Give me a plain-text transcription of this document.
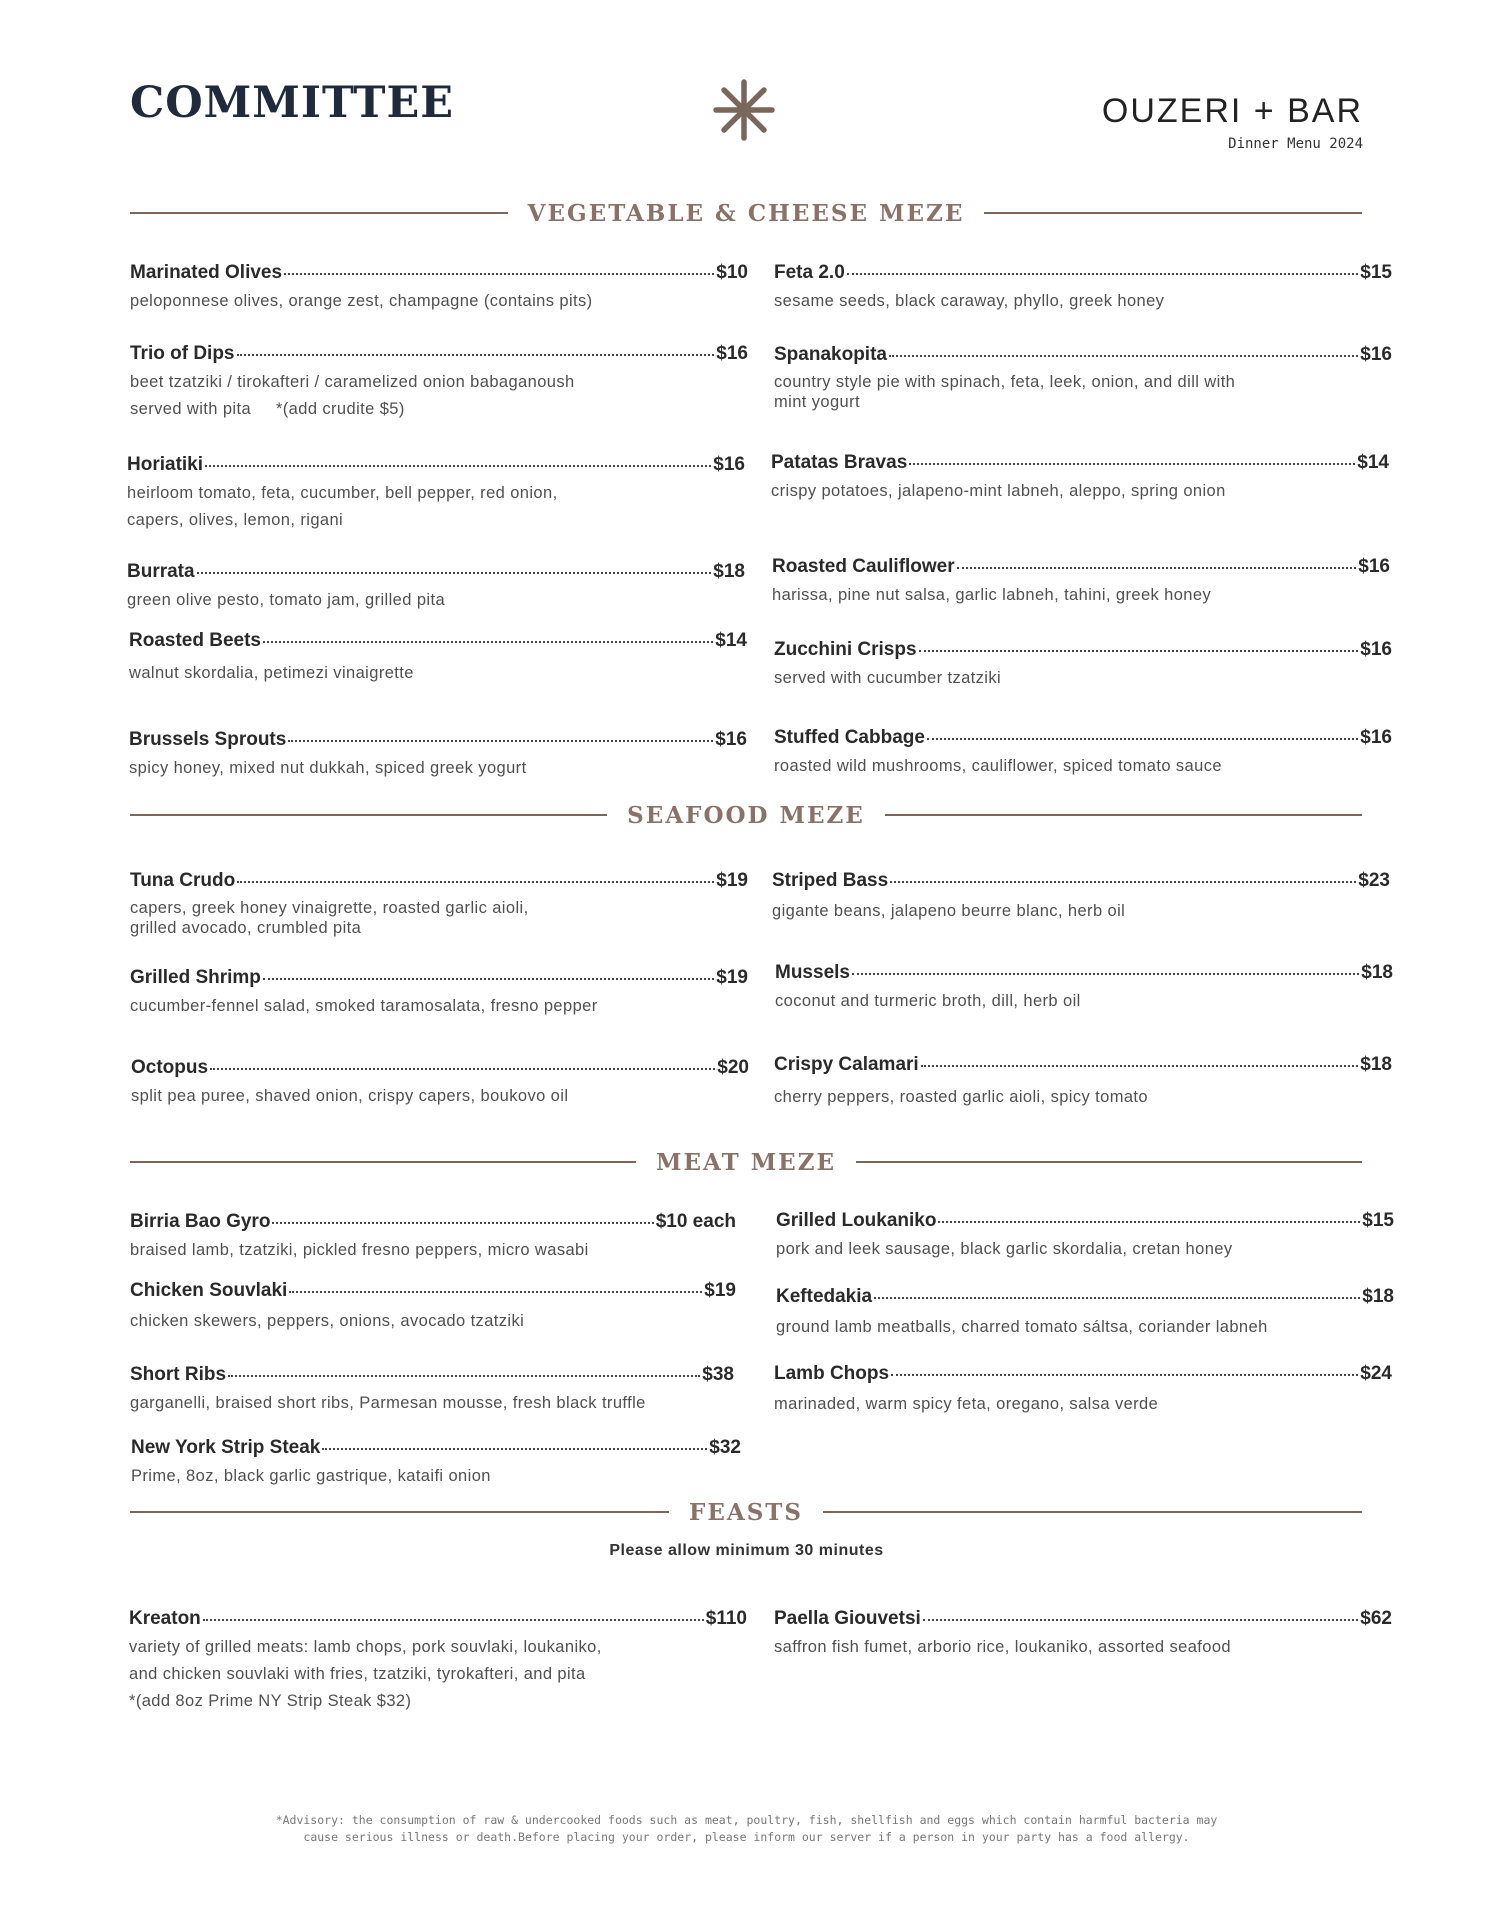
COMMITTEE	OUZERI + BAR
Dinner Menu 2024
VEGETABLE & CHEESE MEZE
Marinated Olives	$10
peloponnese olives, orange zest, champagne (contains pits)
Feta 2.0	$15
sesame seeds, black caraway, phyllo, greek honey
Trio of Dips	$16
beet tzatziki / tirokafteri / caramelized onion babaganoush
served with pita     *(add crudite $5)
Spanakopita	$16
country style pie with spinach, feta, leek, onion, and dill with
mint yogurt
Horiatiki	$16
heirloom tomato, feta, cucumber, bell pepper, red onion,
capers, olives, lemon, rigani
Patatas Bravas	$14
crispy potatoes, jalapeno-mint labneh, aleppo, spring onion
Burrata	$18
green olive pesto, tomato jam, grilled pita
Roasted Cauliflower	$16
harissa, pine nut salsa, garlic labneh, tahini, greek honey
Roasted Beets	$14
walnut skordalia, petimezi vinaigrette
Zucchini Crisps	$16
served with cucumber tzatziki
Brussels Sprouts	$16
spicy honey, mixed nut dukkah, spiced greek yogurt
Stuffed Cabbage	$16
roasted wild mushrooms, cauliflower, spiced tomato sauce
SEAFOOD MEZE
Tuna Crudo	$19
capers, greek honey vinaigrette, roasted garlic aioli,
grilled avocado, crumbled pita
Striped Bass	$23
gigante beans, jalapeno beurre blanc, herb oil
Grilled Shrimp	$19
cucumber-fennel salad, smoked taramosalata, fresno pepper
Mussels	$18
coconut and turmeric broth, dill, herb oil
Octopus	$20
split pea puree, shaved onion, crispy capers, boukovo oil
Crispy Calamari	$18
cherry peppers, roasted garlic aioli, spicy tomato
MEAT MEZE
Birria Bao Gyro	$10 each
braised lamb, tzatziki, pickled fresno peppers, micro wasabi
Grilled Loukaniko	$15
pork and leek sausage, black garlic skordalia, cretan honey
Chicken Souvlaki	$19
chicken skewers, peppers, onions, avocado tzatziki
Keftedakia	$18
ground lamb meatballs, charred tomato sáltsa, coriander labneh
Short Ribs	$38
garganelli, braised short ribs, Parmesan mousse, fresh black truffle
Lamb Chops	$24
marinaded, warm spicy feta, oregano, salsa verde
New York Strip Steak	$32
Prime, 8oz, black garlic gastrique, kataifi onion
FEASTS
Please allow minimum 30 minutes
Kreaton	$110
variety of grilled meats: lamb chops, pork souvlaki, loukaniko,
and chicken souvlaki with fries, tzatziki, tyrokafteri, and pita
*(add 8oz Prime NY Strip Steak $32)
Paella Giouvetsi	$62
saffron fish fumet, arborio rice, loukaniko, assorted seafood
*Advisory: the consumption of raw & undercooked foods such as meat, poultry, fish, shellfish and eggs which contain harmful bacteria may
cause serious illness or death.Before placing your order, please inform our server if a person in your party has a food allergy.
